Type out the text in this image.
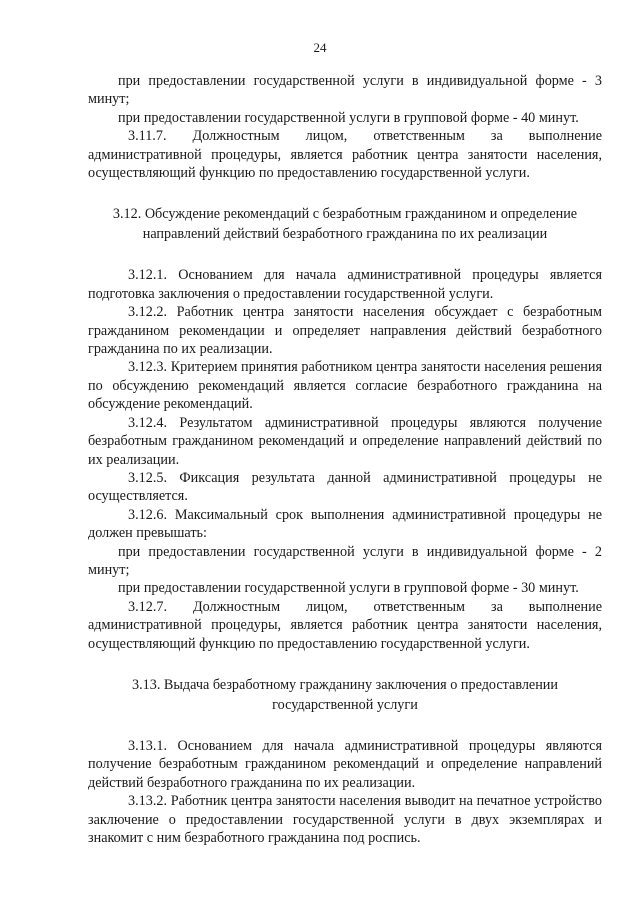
24

при предоставлении государственной услуги в индивидуальной форме - 3 минут;

при предоставлении государственной услуги в групповой форме - 40 минут.

3.11.7. Должностным лицом, ответственным за выполнение административной процедуры, является работник центра занятости населения, осуществляющий функцию по предоставлению государственной услуги.

3.12. Обсуждение рекомендаций с безработным гражданином и определение направлений действий безработного гражданина по их реализации

3.12.1. Основанием для начала административной процедуры является подготовка заключения о предоставлении государственной услуги.

3.12.2. Работник центра занятости населения обсуждает с безработным гражданином рекомендации и определяет направления действий безработного гражданина по их реализации.

3.12.3. Критерием принятия работником центра занятости населения решения по обсуждению рекомендаций является согласие безработного гражданина на обсуждение рекомендаций.

3.12.4. Результатом административной процедуры являются получение безработным гражданином рекомендаций и определение направлений действий по их реализации.

3.12.5. Фиксация результата данной административной процедуры не осуществляется.

3.12.6. Максимальный срок выполнения административной процедуры не должен превышать:

при предоставлении государственной услуги в индивидуальной форме - 2 минут;

при предоставлении государственной услуги в групповой форме - 30 минут.

3.12.7. Должностным лицом, ответственным за выполнение административной процедуры, является работник центра занятости населения, осуществляющий функцию по предоставлению государственной услуги.

3.13. Выдача безработному гражданину заключения о предоставлении государственной услуги

3.13.1. Основанием для начала административной процедуры являются получение безработным гражданином рекомендаций и определение направлений действий безработного гражданина по их реализации.

3.13.2. Работник центра занятости населения выводит на печатное устройство заключение о предоставлении государственной услуги в двух экземплярах и знакомит с ним безработного гражданина под роспись.
